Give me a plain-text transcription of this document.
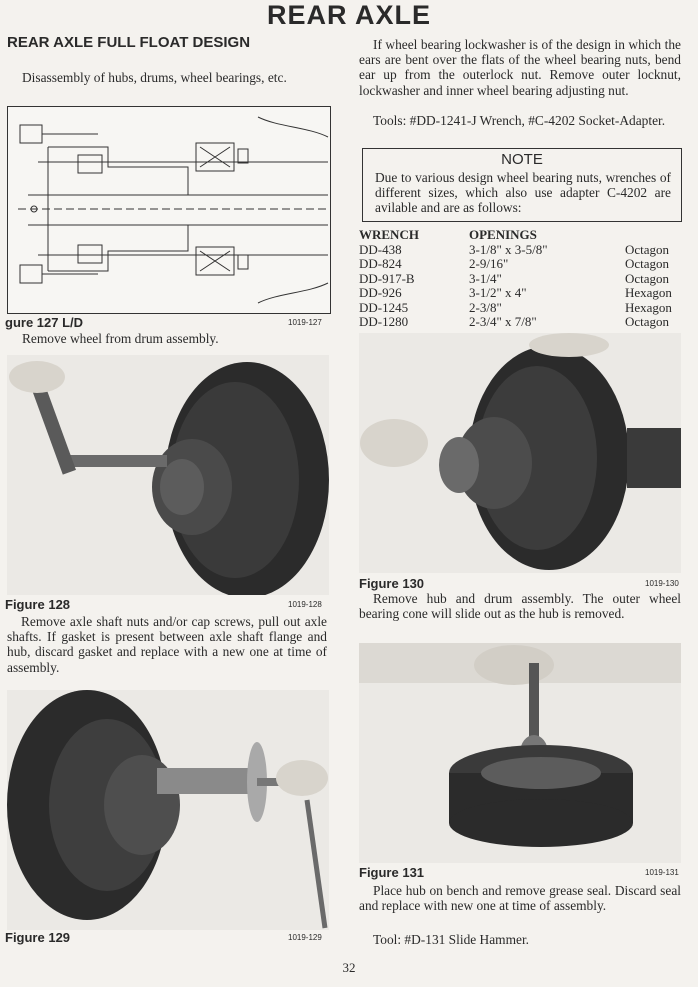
REAR AXLE
REAR AXLE FULL FLOAT DESIGN
Disassembly of hubs, drums, wheel bearings, etc.
gure 127 L/D	1019-127
Remove wheel from drum assembly.
Figure 128	1019-128
Remove axle shaft nuts and/or cap screws, pull out axle shafts. If gasket is present between axle shaft flange and hub, discard gasket and replace with a new one at time of assembly.
Figure 129	1019-129
If wheel bearing lockwasher is of the design in which the ears are bent over the flats of the wheel bearing nuts, bend ear up from the outerlock nut. Remove outer locknut, lockwasher and inner wheel bearing adjusting nut.
Tools: #DD-1241-J Wrench, #C-4202 Socket-Adapter.
NOTE
Due to various design wheel bearing nuts, wrenches of different sizes, which also use adapter C-4202 are avilable and are as follows:
WRENCH	OPENINGS	
DD-438	3-1/8" x 3-5/8"	Octagon
DD-824	2-9/16"	Octagon
DD-917-B	3-1/4"	Octagon
DD-926	3-1/2" x 4"	Hexagon
DD-1245	2-3/8"	Hexagon
DD-1280	2-3/4" x 7/8"	Octagon
Figure 130	1019-130
Remove hub and drum assembly. The outer wheel bearing cone will slide out as the hub is removed.
Figure 131	1019-131
Place hub on bench and remove grease seal. Discard seal and replace with new one at time of assembly.
Tool: #D-131 Slide Hammer.
32
